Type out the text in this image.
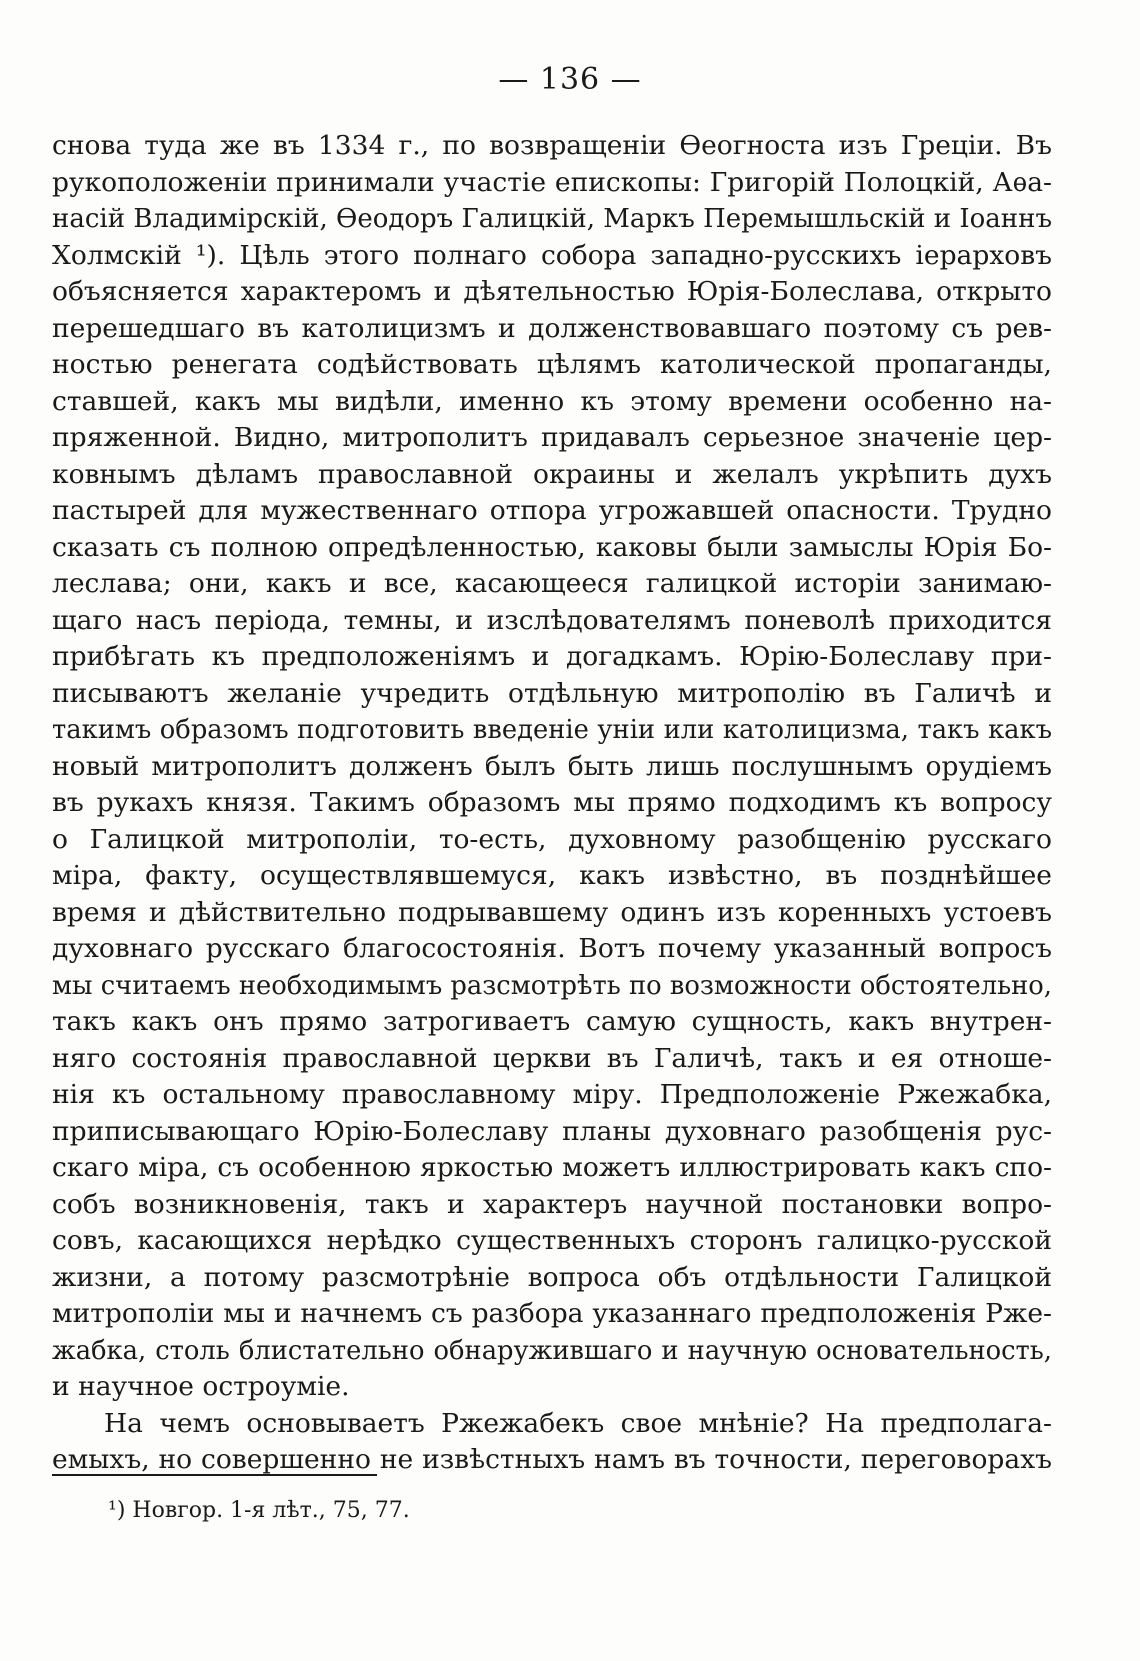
— 136 —
снова туда же въ 1334 г., по возвращеніи Ѳеогноста изъ Греціи. Въ
рукоположеніи принимали участіе епископы: Григорій Полоцкій, Аѳа-
насій Владимірскій, Ѳеодоръ Галицкій, Маркъ Перемышльскій и Іоаннъ
Холмскій ¹). Цѣль этого полнаго собора западно-русскихъ іерарховъ
объясняется характеромъ и дѣятельностью Юрія-Болеслава, открыто
перешедшаго въ католицизмъ и долженствовавшаго поэтому съ рев-
ностью ренегата содѣйствовать цѣлямъ католической пропаганды,
ставшей, какъ мы видѣли, именно къ этому времени особенно на-
пряженной. Видно, митрополитъ придавалъ серьезное значеніе цер-
ковнымъ дѣламъ православной окраины и желалъ укрѣпить духъ
пастырей для мужественнаго отпора угрожавшей опасности. Трудно
сказать съ полною опредѣленностью, каковы были замыслы Юрія Бо-
леслава; они, какъ и все, касающееся галицкой исторіи занимаю-
щаго насъ періода, темны, и изслѣдователямъ поневолѣ приходится
прибѣгать къ предположеніямъ и догадкамъ. Юрію-Болеславу при-
писываютъ желаніе учредить отдѣльную митрополію въ Галичѣ и
такимъ образомъ подготовить введеніе уніи или католицизма, такъ какъ
новый митрополитъ долженъ былъ быть лишь послушнымъ орудіемъ
въ рукахъ князя. Такимъ образомъ мы прямо подходимъ къ вопросу
о Галицкой митрополіи, то-есть, духовному разобщенію русскаго
міра, факту, осуществлявшемуся, какъ извѣстно, въ позднѣйшее
время и дѣйствительно подрывавшему одинъ изъ коренныхъ устоевъ
духовнаго русскаго благосостоянія. Вотъ почему указанный вопросъ
мы считаемъ необходимымъ разсмотрѣть по возможности обстоятельно,
такъ какъ онъ прямо затрогиваетъ самую сущность, какъ внутрен-
няго состоянія православной церкви въ Галичѣ, такъ и ея отноше-
нія къ остальному православному міру. Предположеніе Ржежабка,
приписывающаго Юрію-Болеславу планы духовнаго разобщенія рус-
скаго міра, съ особенною яркостью можетъ иллюстрировать какъ спо-
собъ возникновенія, такъ и характеръ научной постановки вопро-
совъ, касающихся нерѣдко существенныхъ сторонъ галицко-русской
жизни, а потому разсмотрѣніе вопроса объ отдѣльности Галицкой
митрополіи мы и начнемъ съ разбора указаннаго предположенія Рже-
жабка, столь блистательно обнаружившаго и научную основательность,
и научное остроуміе.
На чемъ основываетъ Ржежабекъ свое мнѣніе? На предполага-
емыхъ, но совершенно не извѣстныхъ намъ въ точности, переговорахъ
¹) Новгор. 1-я лѣт., 75, 77.
